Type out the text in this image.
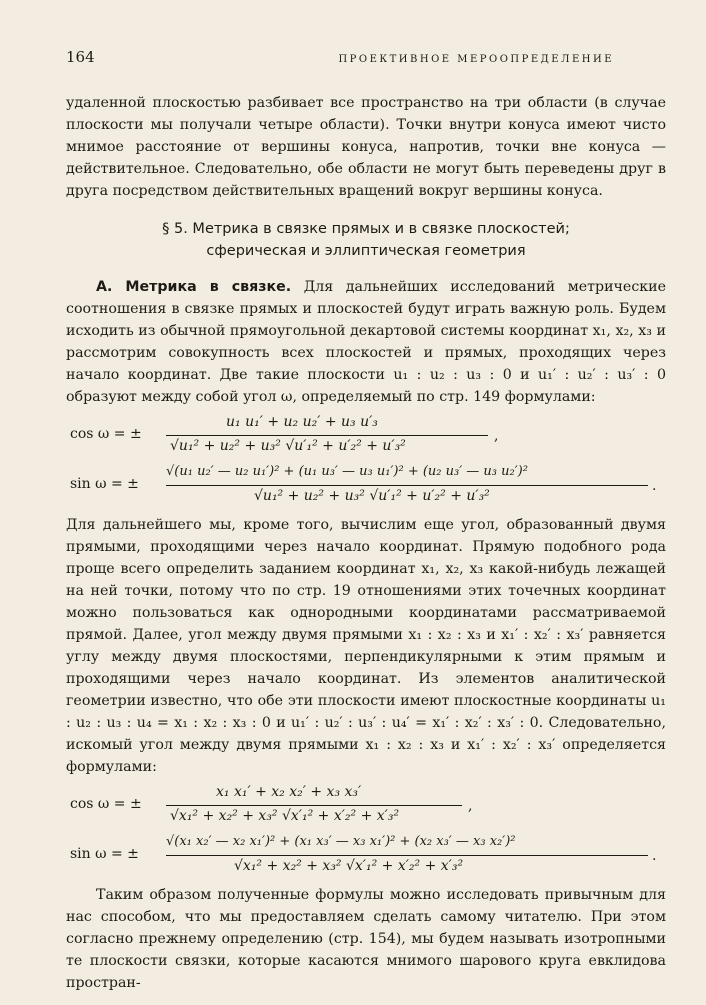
164	ПРОЕКТИВНОЕ МЕРООПРЕДЕЛЕНИЕ

удаленной плоскостью разбивает все пространство на три области (в случае плоскости мы получали четыре области). Точки внутри конуса имеют чисто мнимое расстояние от вершины конуса, напротив, точки вне конуса — действительное. Следовательно, обе области не могут быть переведены друг в друга посредством действительных вращений вокруг вершины конуса.

§ 5. Метрика в связке прямых и в связке плоскостей;
сферическая и эллиптическая геометрия

А. Метрика в связке. Для дальнейших исследований метрические соотношения в связке прямых и плоскостей будут играть важную роль. Будем исходить из обычной прямоугольной декартовой системы координат x₁, x₂, x₃ и рассмотрим совокупность всех плоскостей и прямых, проходящих через начало координат. Две такие плоскости u₁ : u₂ : u₃ : 0 и u₁′ : u₂′ : u₃′ : 0 образуют между собой угол ω, определяемый по стр. 149 формулами:

cos ω = ±
u₁ u₁′ + u₂ u₂′ + u₃ u′₃
√u₁² + u₂² + u₃² √u′₁² + u′₂² + u′₃²
,
sin ω = ±
√(u₁ u₂′ — u₂ u₁′)² + (u₁ u₃′ — u₃ u₁′)² + (u₂ u₃′ — u₃ u₂′)²
√u₁² + u₂² + u₃² √u′₁² + u′₂² + u′₃²
.

Для дальнейшего мы, кроме того, вычислим еще угол, образованный двумя прямыми, проходящими через начало координат. Прямую подобного рода проще всего определить заданием координат x₁, x₂, x₃ какой-нибудь лежащей на ней точки, потому что по стр. 19 отношениями этих точечных координат можно пользоваться как однородными координатами рассматриваемой прямой. Далее, угол между двумя прямыми x₁ : x₂ : x₃ и x₁′ : x₂′ : x₃′ равняется углу между двумя плоскостями, перпендикулярными к этим прямым и проходящими через начало координат. Из элементов аналитической геометрии известно, что обе эти плоскости имеют плоскостные координаты u₁ : u₂ : u₃ : u₄ = x₁ : x₂ : x₃ : 0 и u₁′ : u₂′ : u₃′ : u₄′ = x₁′ : x₂′ : x₃′ : 0. Следовательно, искомый угол между двумя прямыми x₁ : x₂ : x₃ и x₁′ : x₂′ : x₃′ определяется формулами:

cos ω = ±
x₁ x₁′ + x₂ x₂′ + x₃ x₃′
√x₁² + x₂² + x₃² √x′₁² + x′₂² + x′₃²
,
sin ω = ±
√(x₁ x₂′ — x₂ x₁′)² + (x₁ x₃′ — x₃ x₁′)² + (x₂ x₃′ — x₃ x₂′)²
√x₁² + x₂² + x₃² √x′₁² + x′₂² + x′₃²
.

Таким образом полученные формулы можно исследовать привычным для нас способом, что мы предоставляем сделать самому читателю. При этом согласно прежнему определению (стр. 154), мы будем называть изотропными те плоскости связки, которые касаются мнимого шарового круга евклидова простран-
